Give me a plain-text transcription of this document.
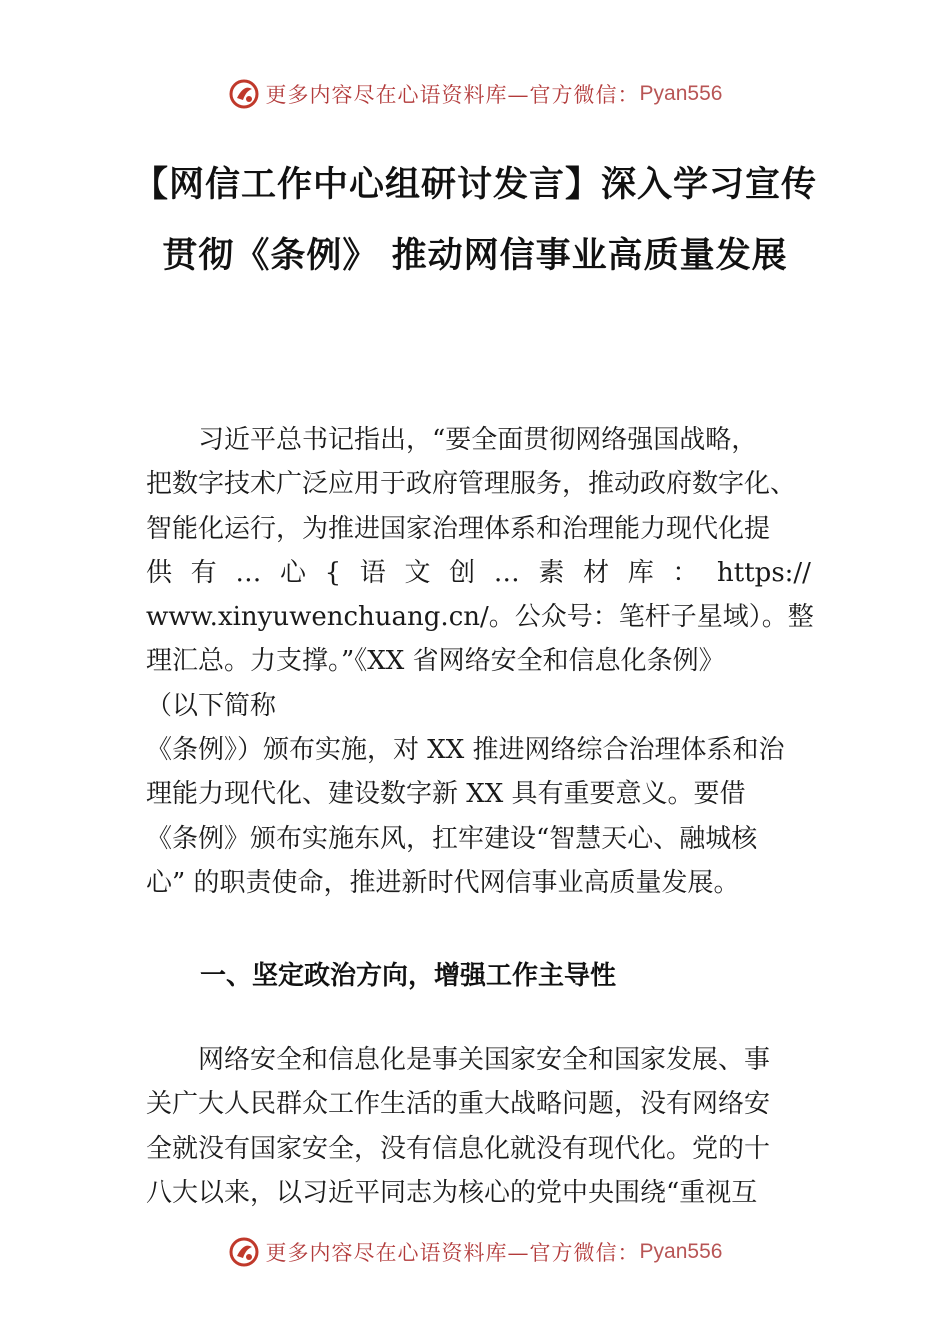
更多内容尽在心语资料库—官方微信： Pyan556
【网信工作中心组研讨发言】深入学习宣传
贯彻《条例》 推动网信事业高质量发展
习近平总书记指出，“要全面贯彻网络强国战略，
把数字技术广泛应用于政府管理服务，推动政府数字化、
智能化运行，为推进国家治理体系和治理能力现代化提
供 有 … 心 { 语 文 创 … 素 材 库 ： https://
www.xinyuwenchuang.cn/。公众号：笔杆子星域）。整
理汇总。力支撑。”《XX 省网络安全和信息化条例》
（以下简称
《条例》）颁布实施，对 XX 推进网络综合治理体系和治
理能力现代化、建设数字新 XX 具有重要意义。要借
《条例》颁布实施东风，扛牢建设“智慧天心、融城核
心” 的职责使命，推进新时代网信事业高质量发展。
一、坚定政治方向，增强工作主导性
网络安全和信息化是事关国家安全和国家发展、事
关广大人民群众工作生活的重大战略问题，没有网络安
全就没有国家安全，没有信息化就没有现代化。党的十
八大以来，以习近平同志为核心的党中央围绕“重视互
更多内容尽在心语资料库—官方微信： Pyan556
